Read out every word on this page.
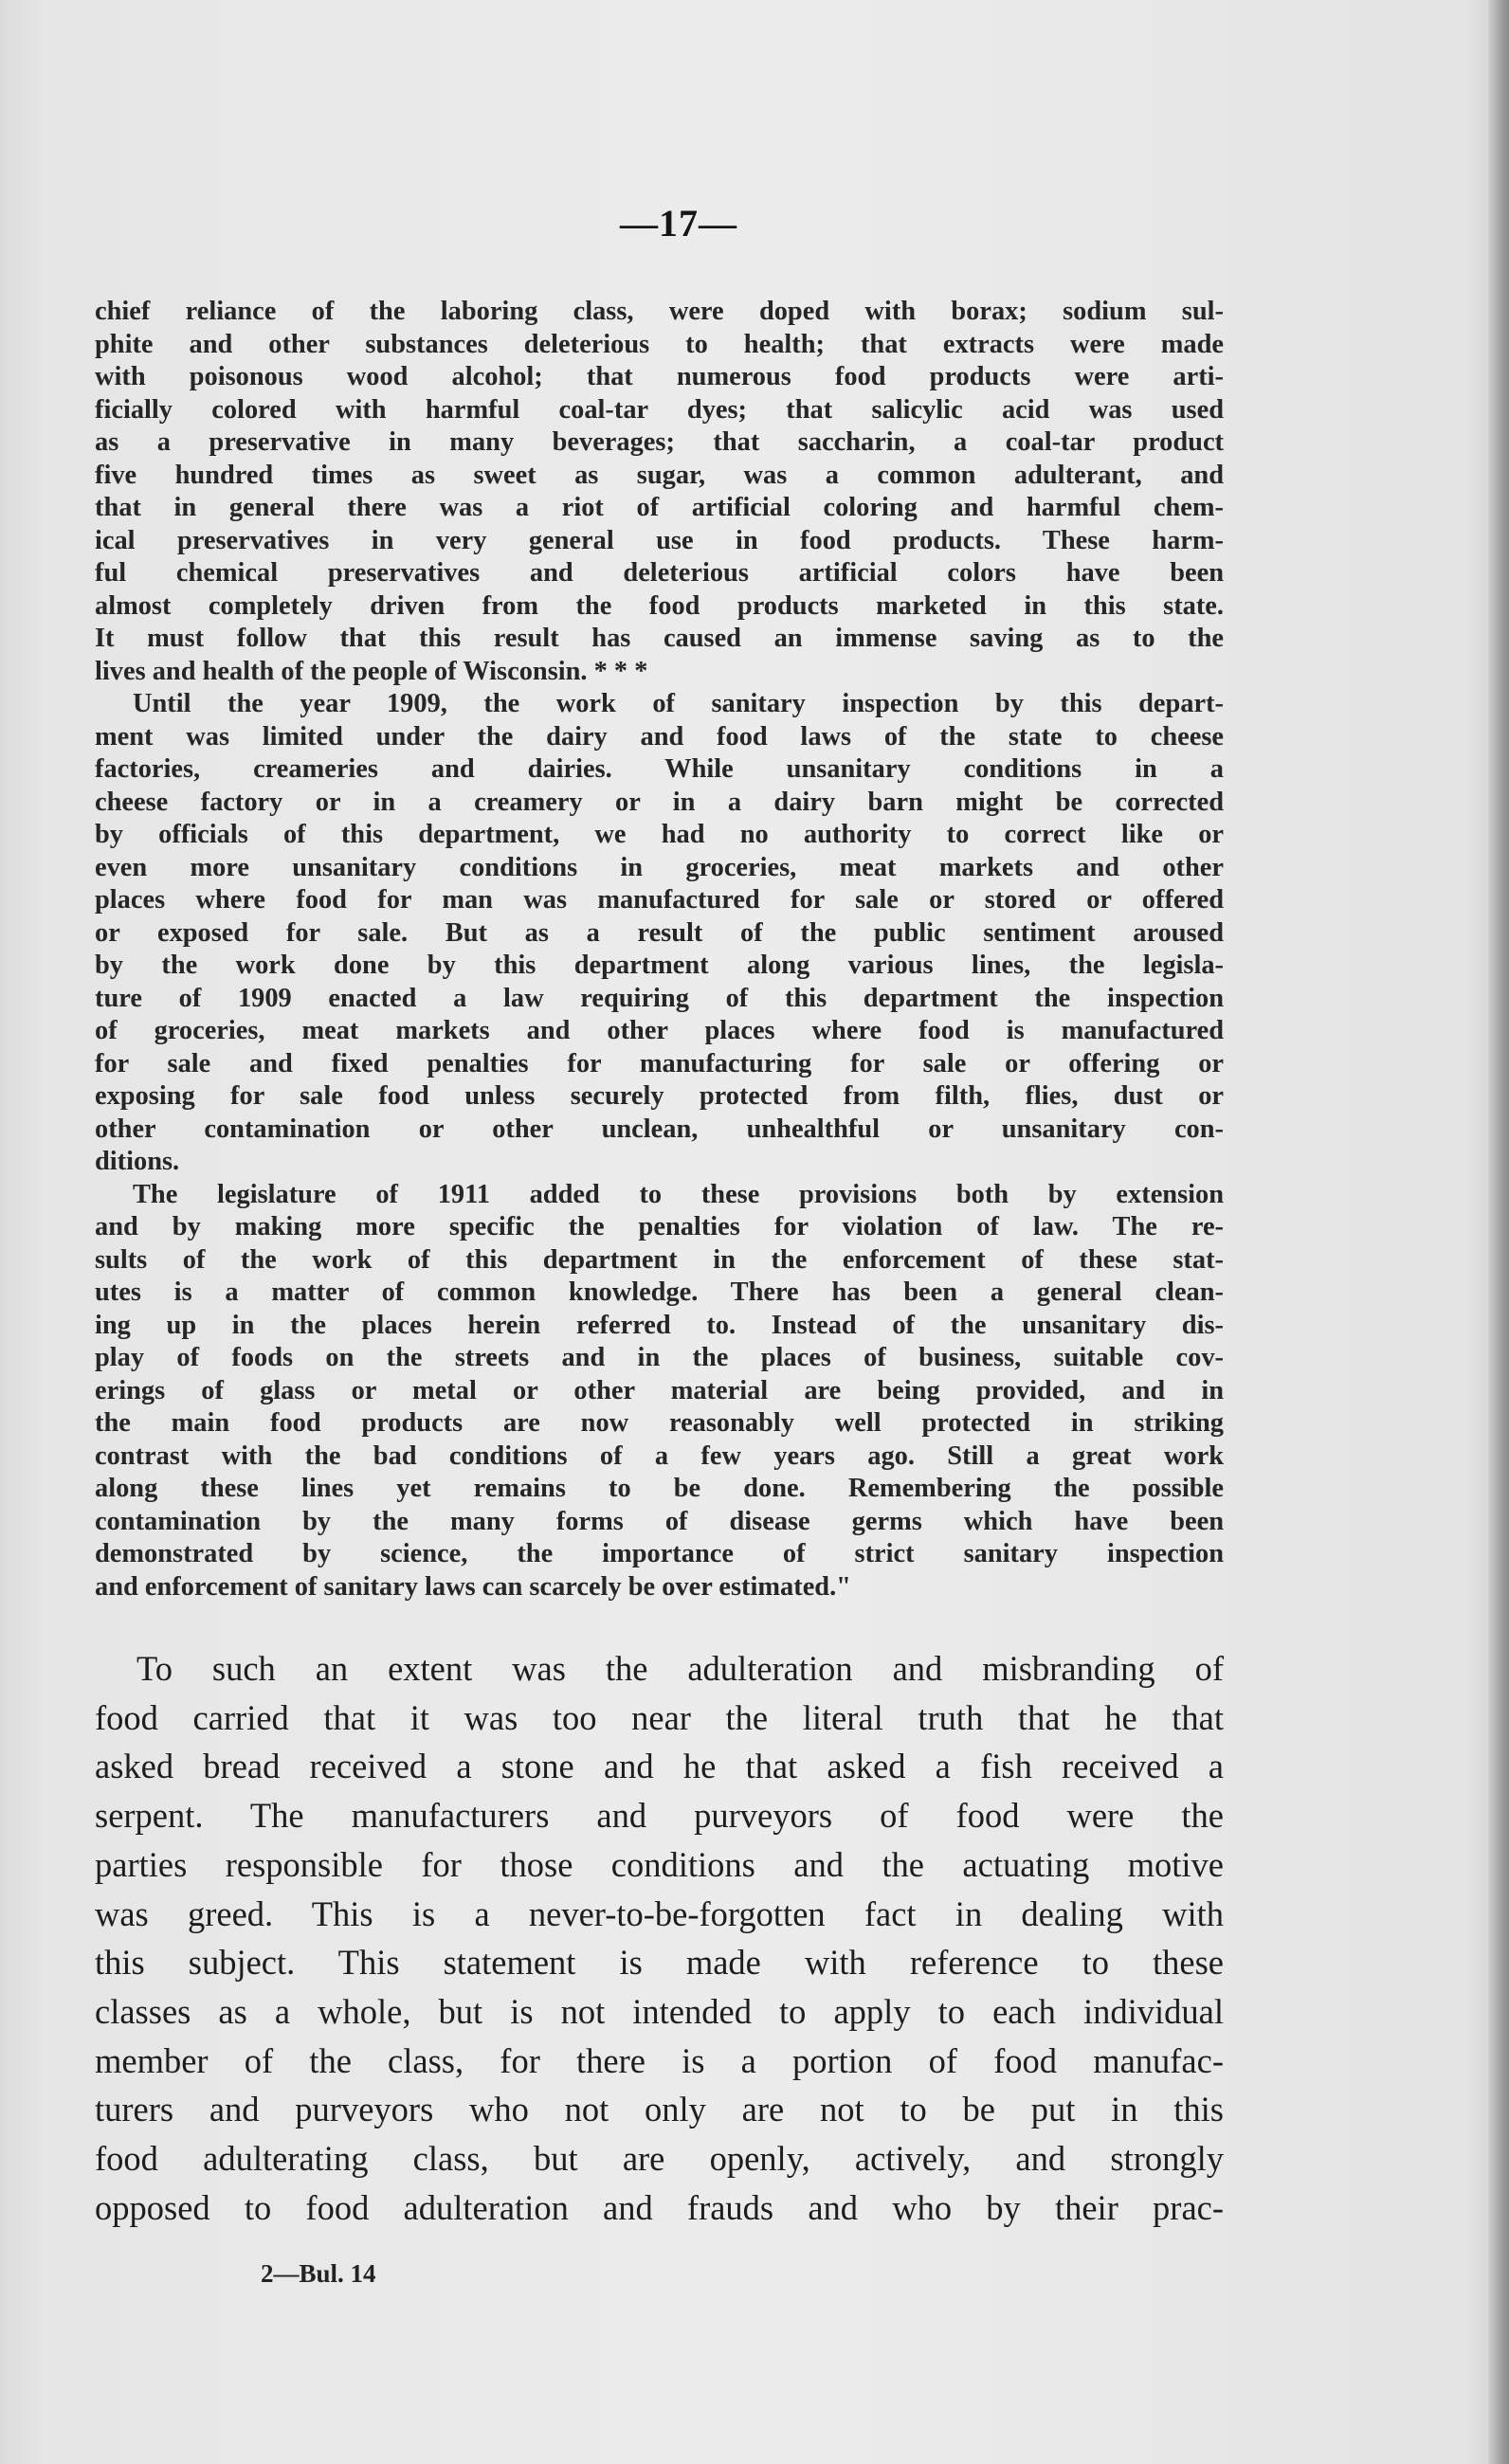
—17—

chief reliance of the laboring class, were doped with borax; sodium sul-
phite and other substances deleterious to health; that extracts were made
with poisonous wood alcohol; that numerous food products were arti-
ficially colored with harmful coal-tar dyes; that salicylic acid was used
as a preservative in many beverages; that saccharin, a coal-tar product
five hundred times as sweet as sugar, was a common adulterant, and
that in general there was a riot of artificial coloring and harmful chem-
ical preservatives in very general use in food products. These harm-
ful chemical preservatives and deleterious artificial colors have been
almost completely driven from the food products marketed in this state.
It must follow that this result has caused an immense saving as to the
lives and health of the people of Wisconsin. * * *

Until the year 1909, the work of sanitary inspection by this depart-
ment was limited under the dairy and food laws of the state to cheese
factories, creameries and dairies. While unsanitary conditions in a
cheese factory or in a creamery or in a dairy barn might be corrected
by officials of this department, we had no authority to correct like or
even more unsanitary conditions in groceries, meat markets and other
places where food for man was manufactured for sale or stored or offered
or exposed for sale. But as a result of the public sentiment aroused
by the work done by this department along various lines, the legisla-
ture of 1909 enacted a law requiring of this department the inspection
of groceries, meat markets and other places where food is manufactured
for sale and fixed penalties for manufacturing for sale or offering or
exposing for sale food unless securely protected from filth, flies, dust or
other contamination or other unclean, unhealthful or unsanitary con-
ditions.

The legislature of 1911 added to these provisions both by extension
and by making more specific the penalties for violation of law. The re-
sults of the work of this department in the enforcement of these stat-
utes is a matter of common knowledge. There has been a general clean-
ing up in the places herein referred to. Instead of the unsanitary dis-
play of foods on the streets and in the places of business, suitable cov-
erings of glass or metal or other material are being provided, and in
the main food products are now reasonably well protected in striking
contrast with the bad conditions of a few years ago. Still a great work
along these lines yet remains to be done. Remembering the possible
contamination by the many forms of disease germs which have been
demonstrated by science, the importance of strict sanitary inspection
and enforcement of sanitary laws can scarcely be over estimated."

To such an extent was the adulteration and misbranding of
food carried that it was too near the literal truth that he that
asked bread received a stone and he that asked a fish received a
serpent. The manufacturers and purveyors of food were the
parties responsible for those conditions and the actuating motive
was greed. This is a never-to-be-forgotten fact in dealing with
this subject. This statement is made with reference to these
classes as a whole, but is not intended to apply to each individual
member of the class, for there is a portion of food manufac-
turers and purveyors who not only are not to be put in this
food adulterating class, but are openly, actively, and strongly
opposed to food adulteration and frauds and who by their prac-
2—Bul. 14
